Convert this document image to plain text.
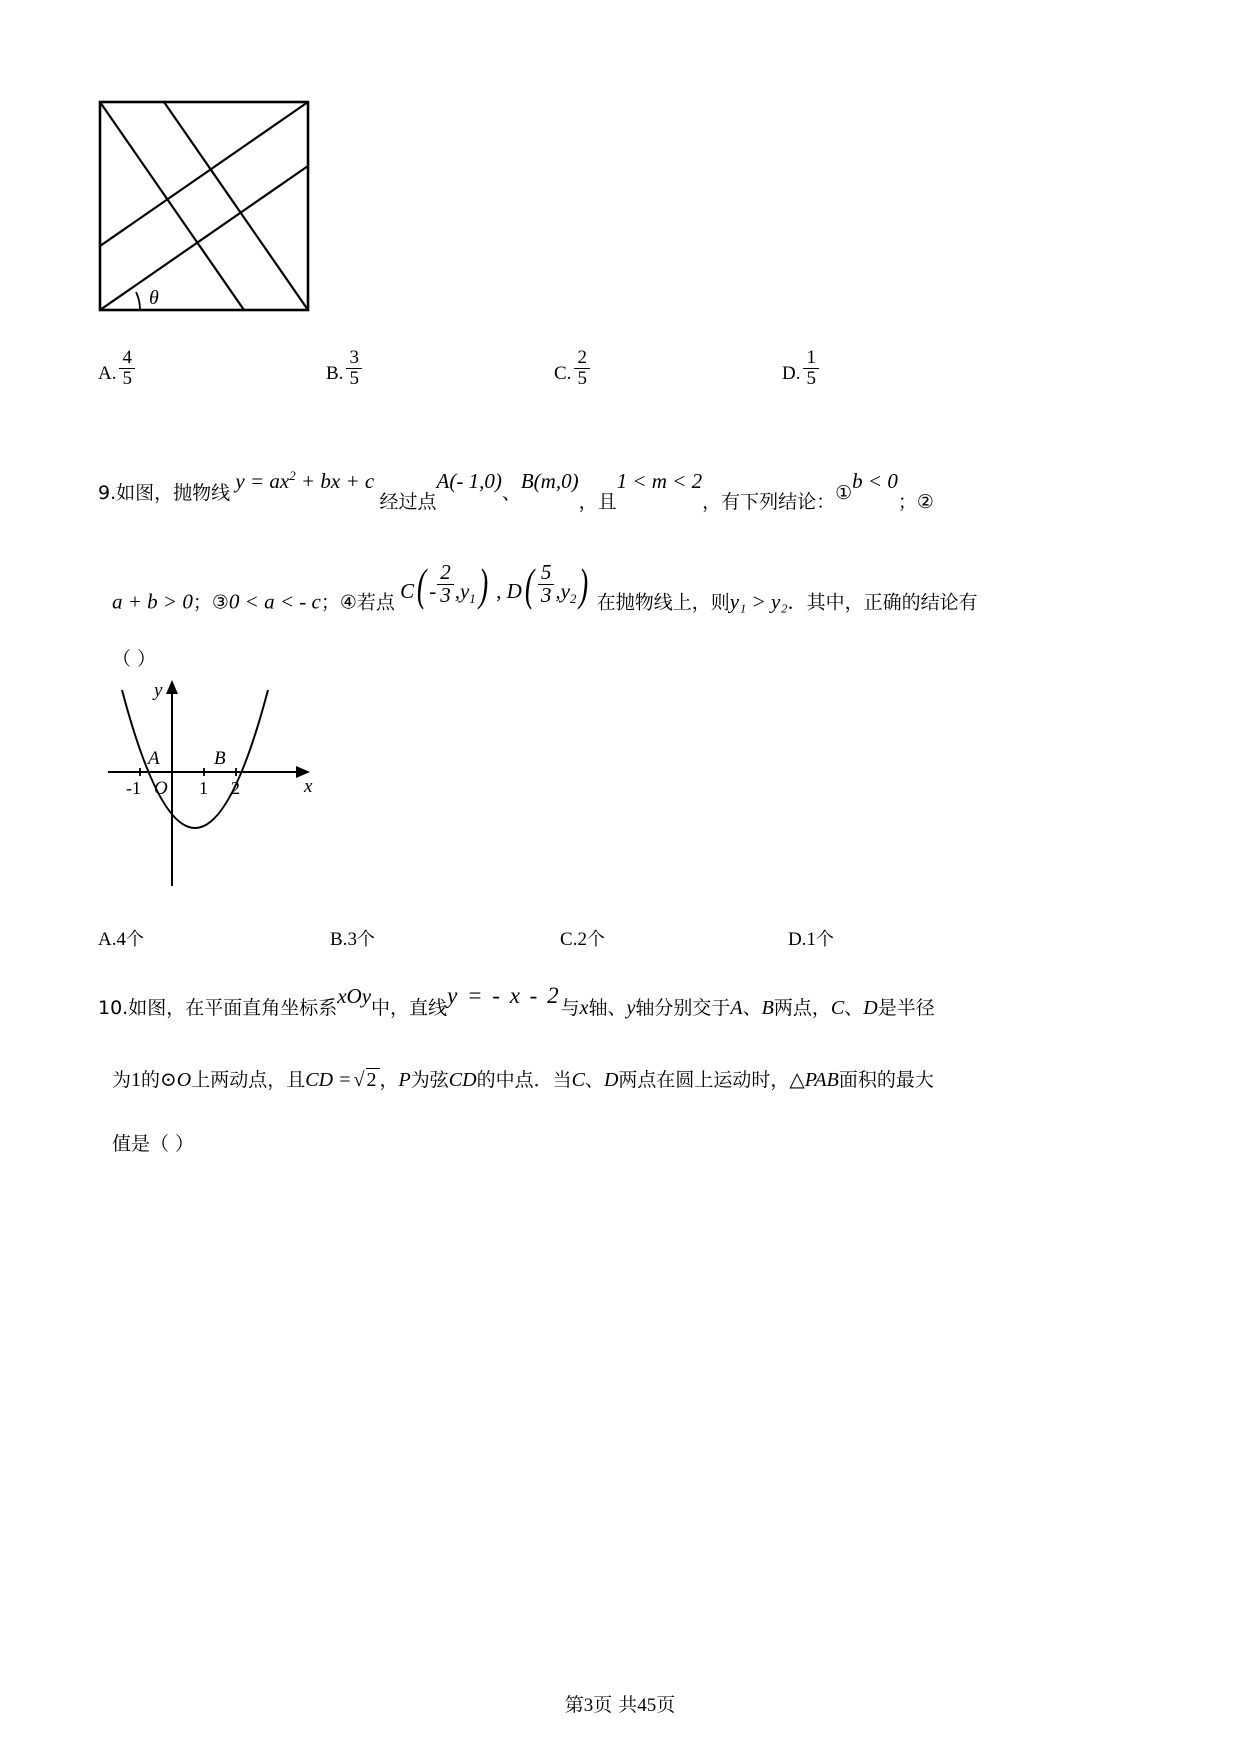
θ
A. $\frac{4}{5}$	B. $\frac{3}{5}$	C. $\frac{2}{5}$	D. $\frac{1}{5}$
9.如图，抛物线 $y = ax^2$ + bx + c 经过点A(- 1,0)、B(m,0)，且1 < m < 2，有下列结论：①b < 0；②
a + b > 0；③0 < a < - c；④若点 $C( - \frac{2}{3} ,y_1)$ , $D( \frac{5}{3} ,y_2)$ 在抛物线上，则y₁ > y₂．其中，正确的结论有
（ ）
y
x
O
-1	1 2
A	B
A.4个	B.3个	C.2个	D.1个
10.如图，在平面直角坐标系xOy中，直线y = - x - 2与x轴、y轴分别交于A、B两点，C、D是半径
为1的⊙O上两动点，且CD = √ 2 ，P为弦CD的中点．当C、D两点在圆上运动时，△PAB面积的最大
值是（ ）
第3页 共45页
